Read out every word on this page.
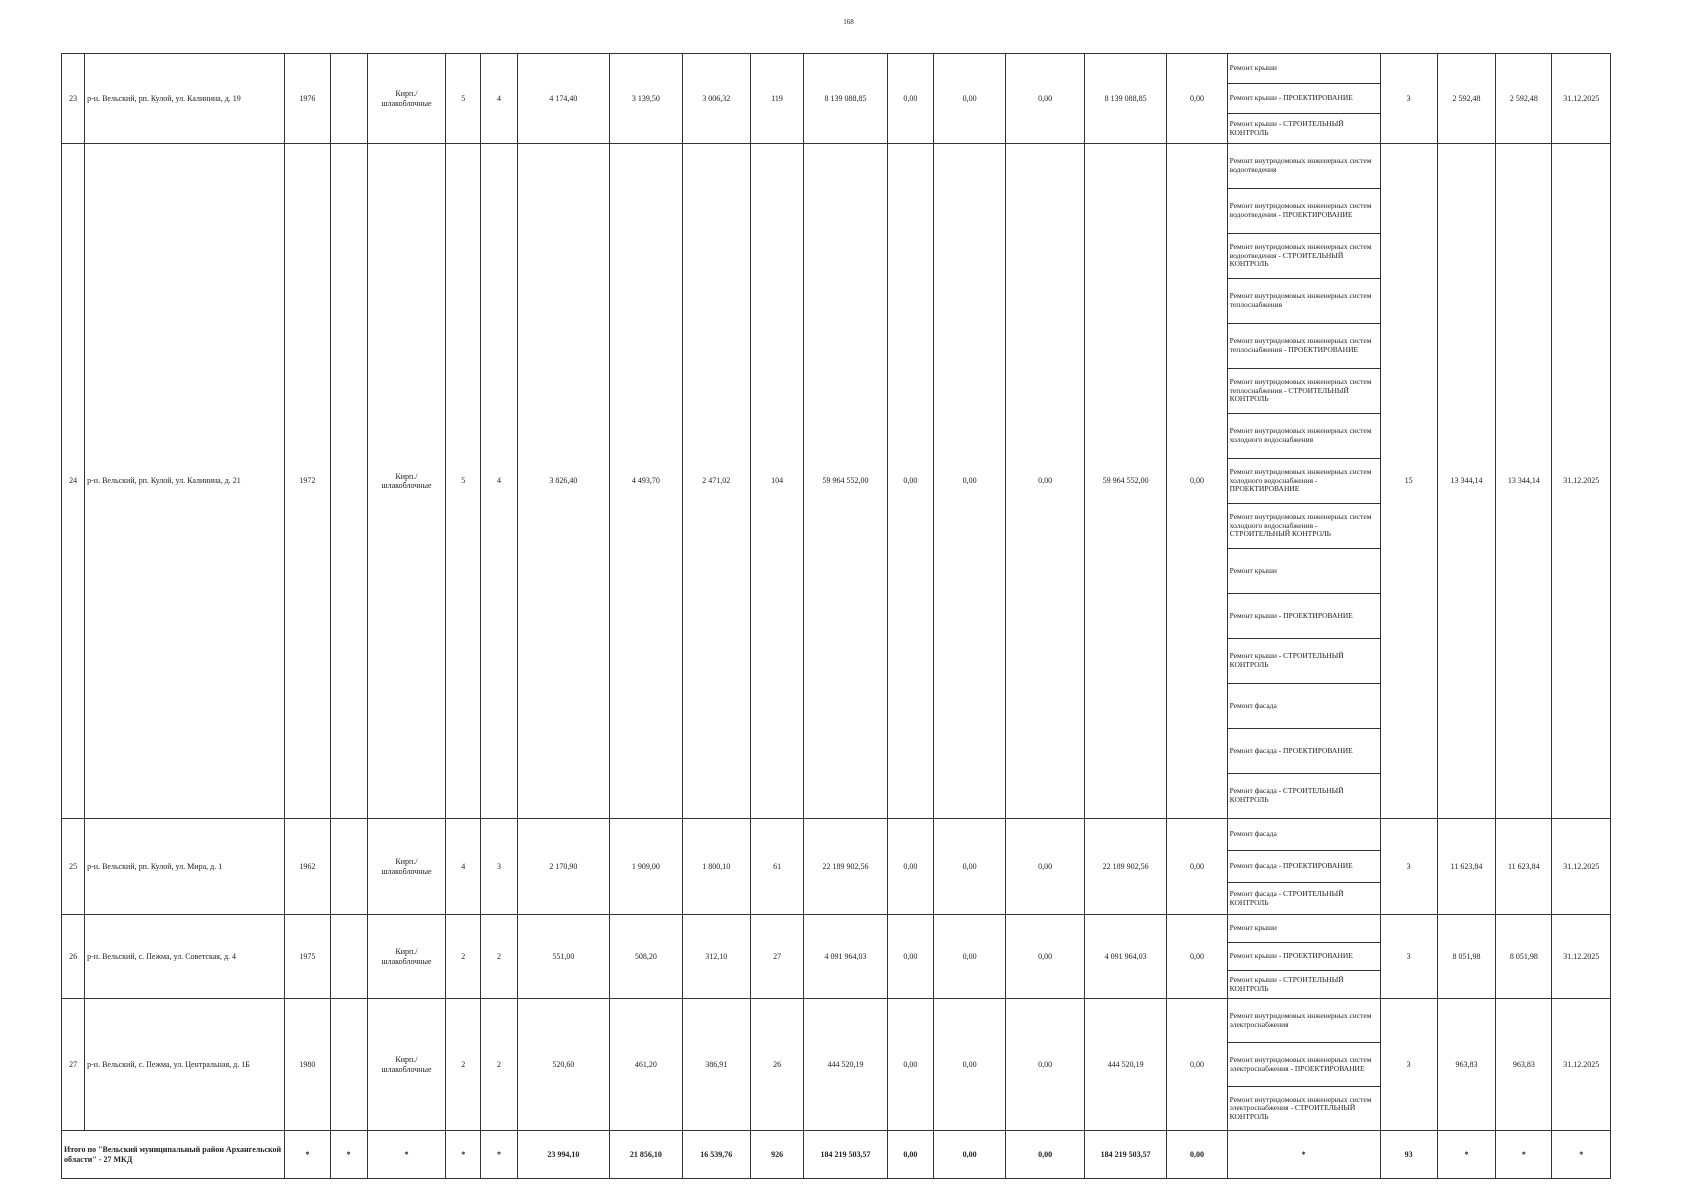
168
23	р-н. Вельский, рп. Кулой, ул. Калинина, д. 19	1976		Кирп./ шлакоблочные	5	4	4 174,40	3 139,50	3 006,32	119	8 139 088,85	0,00	0,00	0,00	8 139 088,85	0,00	Ремонт крыши	3	2 592,48	2 592,48	31.12.2025
																	Ремонт крыши - ПРОЕКТИРОВАНИЕ				
																	Ремонт крыши - СТРОИТЕЛЬНЫЙ КОНТРОЛЬ				
24	р-н. Вельский, рп. Кулой, ул. Калинина, д. 21	1972		Кирп./ шлакоблочные	5	4	3 826,40	4 493,70	2 471,02	104	59 964 552,00	0,00	0,00	0,00	59 964 552,00	0,00	Ремонт внутридомовых инженерных систем водоотведения	15	13 344,14	13 344,14	31.12.2025
																	Ремонт внутридомовых инженерных систем водоотведения - ПРОЕКТИРОВАНИЕ				
																	Ремонт внутридомовых инженерных систем водоотведения - СТРОИТЕЛЬНЫЙ КОНТРОЛЬ				
																	Ремонт внутридомовых инженерных систем теплоснабжения				
																	Ремонт внутридомовых инженерных систем теплоснабжения - ПРОЕКТИРОВАНИЕ				
																	Ремонт внутридомовых инженерных систем теплоснабжения - СТРОИТЕЛЬНЫЙ КОНТРОЛЬ				
																	Ремонт внутридомовых инженерных систем холодного водоснабжения				
																	Ремонт внутридомовых инженерных систем холодного водоснабжения - ПРОЕКТИРОВАНИЕ				
																	Ремонт внутридомовых инженерных систем холодного водоснабжения - СТРОИТЕЛЬНЫЙ КОНТРОЛЬ				
																	Ремонт крыши				
																	Ремонт крыши - ПРОЕКТИРОВАНИЕ				
																	Ремонт крыши - СТРОИТЕЛЬНЫЙ КОНТРОЛЬ				
																	Ремонт фасада				
																	Ремонт фасада - ПРОЕКТИРОВАНИЕ				
																	Ремонт фасада - СТРОИТЕЛЬНЫЙ КОНТРОЛЬ				
25	р-н. Вельский, рп. Кулой, ул. Мира, д. 1	1962		Кирп./ шлакоблочные	4	3	2 170,90	1 909,00	1 800,10	61	22 189 902,56	0,00	0,00	0,00	22 189 902,56	0,00	Ремонт фасада	3	11 623,84	11 623,84	31.12.2025
																	Ремонт фасада - ПРОЕКТИРОВАНИЕ				
																	Ремонт фасада - СТРОИТЕЛЬНЫЙ КОНТРОЛЬ				
26	р-н. Вельский, с. Пежма, ул. Советская, д. 4	1975		Кирп./ шлакоблочные	2	2	551,00	508,20	312,10	27	4 091 964,03	0,00	0,00	0,00	4 091 964,03	0,00	Ремонт крыши	3	8 051,98	8 051,98	31.12.2025
																	Ремонт крыши - ПРОЕКТИРОВАНИЕ				
																	Ремонт крыши - СТРОИТЕЛЬНЫЙ КОНТРОЛЬ				
27	р-н. Вельский, с. Пежма, ул. Центральная, д. 1Б	1980		Кирп./ шлакоблочные	2	2	520,60	461,20	386,91	26	444 520,19	0,00	0,00	0,00	444 520,19	0,00	Ремонт внутридомовых инженерных систем электроснабжения	3	963,83	963,83	31.12.2025
																	Ремонт внутридомовых инженерных систем электроснабжения - ПРОЕКТИРОВАНИЕ				
																	Ремонт внутридомовых инженерных систем электроснабжения - СТРОИТЕЛЬНЫЙ КОНТРОЛЬ				
Итого по "Вельский муниципальный район Архангельской области" - 27 МКД		*	*	*	*	*	23 994,10	21 856,10	16 539,76	926	184 219 503,57	0,00	0,00	0,00	184 219 503,57	0,00	*	93	*	*	*
